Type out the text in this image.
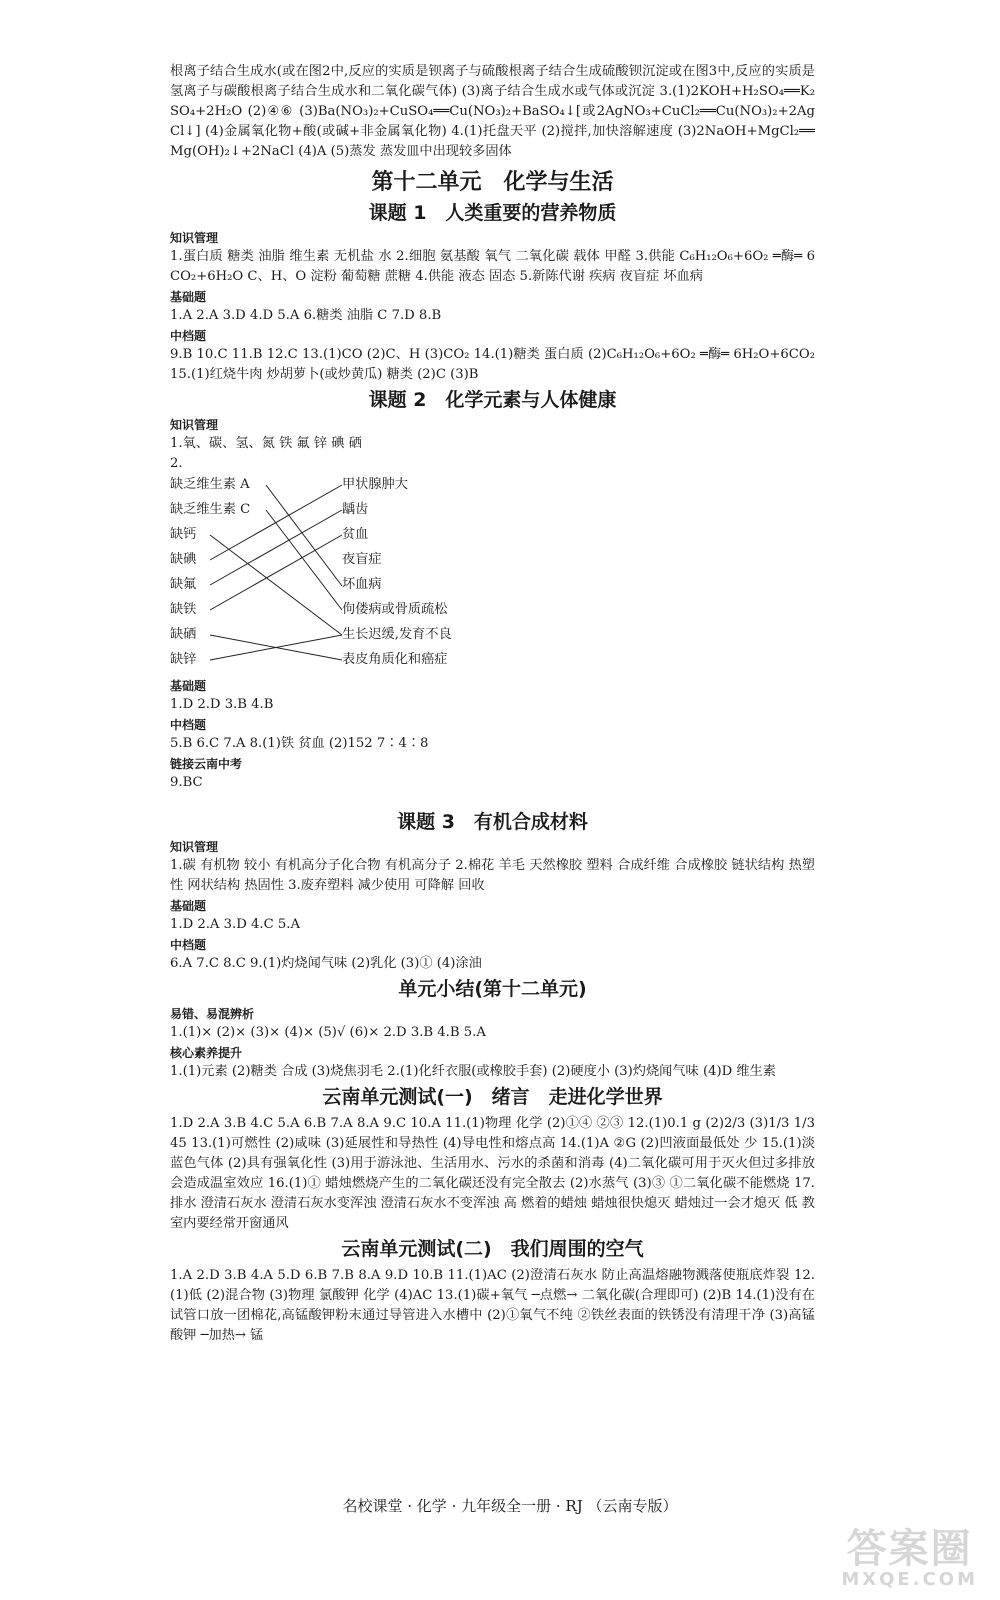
根离子结合生成水(或在图2中,反应的实质是钡离子与硫酸根离子结合生成硫酸钡沉淀或在图3中,反应的实质是氢离子与碳酸根离子结合生成水和二氧化碳气体) (3)离子结合生成水或气体或沉淀 3.(1)2KOH+H₂SO₄══K₂SO₄+2H₂O (2)④⑥ (3)Ba(NO₃)₂+CuSO₄══Cu(NO₃)₂+BaSO₄↓[或2AgNO₃+CuCl₂══Cu(NO₃)₂+2AgCl↓] (4)金属氧化物+酸(或碱+非金属氧化物) 4.(1)托盘天平 (2)搅拌,加快溶解速度 (3)2NaOH+MgCl₂══Mg(OH)₂↓+2NaCl (4)A (5)蒸发 蒸发皿中出现较多固体

第十二单元　化学与生活
课题 1　人类重要的营养物质
知识管理

1.蛋白质 糖类 油脂 维生素 无机盐 水 2.细胞 氨基酸 氧气 二氧化碳 载体 甲醛 3.供能 C₆H₁₂O₆+6O₂ ═酶═ 6CO₂+6H₂O C、H、O 淀粉 葡萄糖 蔗糖 4.供能 液态 固态 5.新陈代谢 疾病 夜盲症 坏血病

基础题

1.A 2.A 3.D 4.D 5.A 6.糖类 油脂 C 7.D 8.B

中档题

9.B 10.C 11.B 12.C 13.(1)CO (2)C、H (3)CO₂ 14.(1)糖类 蛋白质 (2)C₆H₁₂O₆+6O₂ ═酶═ 6H₂O+6CO₂ 15.(1)红烧牛肉 炒胡萝卜(或炒黄瓜) 糖类 (2)C (3)B

课题 2　化学元素与人体健康
知识管理

1.氧、碳、氢、氮 铁 氟 锌 碘 硒

2.

缺乏维生素 A
缺乏维生素 C
缺钙
缺碘
缺氟
缺铁
缺硒
缺锌
甲状腺肿大
龋齿
贫血
夜盲症
坏血病
佝偻病或骨质疏松
生长迟缓,发育不良
表皮角质化和癌症
基础题

1.D 2.D 3.B 4.B

中档题

5.B 6.C 7.A 8.(1)铁 贫血 (2)152 7∶4∶8

链接云南中考

9.BC

课题 3　有机合成材料
知识管理

1.碳 有机物 较小 有机高分子化合物 有机高分子 2.棉花 羊毛 天然橡胶 塑料 合成纤维 合成橡胶 链状结构 热塑性 网状结构 热固性 3.废弃塑料 减少使用 可降解 回收

基础题

1.D 2.A 3.D 4.C 5.A

中档题

6.A 7.C 8.C 9.(1)灼烧闻气味 (2)乳化 (3)① (4)涂油

单元小结(第十二单元)
易错、易混辨析

1.(1)× (2)× (3)× (4)× (5)√ (6)× 2.D 3.B 4.B 5.A

核心素养提升

1.(1)元素 (2)糖类 合成 (3)烧焦羽毛 2.(1)化纤衣服(或橡胶手套) (2)硬度小 (3)灼烧闻气味 (4)D 维生素

云南单元测试(一)　绪言　走进化学世界

1.D 2.A 3.B 4.C 5.A 6.B 7.A 8.A 9.C 10.A 11.(1)物理 化学 (2)①④ ②③ 12.(1)0.1 g (2)2/3 (3)1/3 1/3 45 13.(1)可燃性 (2)咸味 (3)延展性和导热性 (4)导电性和熔点高 14.(1)A ②G (2)凹液面最低处 少 15.(1)淡蓝色气体 (2)具有强氧化性 (3)用于游泳池、生活用水、污水的杀菌和消毒 (4)二氧化碳可用于灭火但过多排放会造成温室效应 16.(1)① 蜡烛燃烧产生的二氧化碳还没有完全散去 (2)水蒸气 (3)③ ①二氧化碳不能燃烧 17.排水 澄清石灰水 澄清石灰水变浑浊 澄清石灰水不变浑浊 高 燃着的蜡烛 蜡烛很快熄灭 蜡烛过一会才熄灭 低 教室内要经常开窗通风

云南单元测试(二)　我们周围的空气

1.A 2.D 3.B 4.A 5.D 6.B 7.B 8.A 9.D 10.B 11.(1)AC (2)澄清石灰水 防止高温熔融物溅落使瓶底炸裂 12.(1)低 (2)混合物 (3)物理 氯酸钾 化学 (4)AC 13.(1)碳+氧气 ─点燃→ 二氧化碳(合理即可) (2)B 14.(1)没有在试管口放一团棉花,高锰酸钾粉末通过导管进入水槽中 (2)①氧气不纯 ②铁丝表面的铁锈没有清理干净 (3)高锰酸钾 ─加热→ 锰

名校课堂 · 化学 · 九年级全一册 · RJ （云南专版）
答案圈
MXQE.COM
